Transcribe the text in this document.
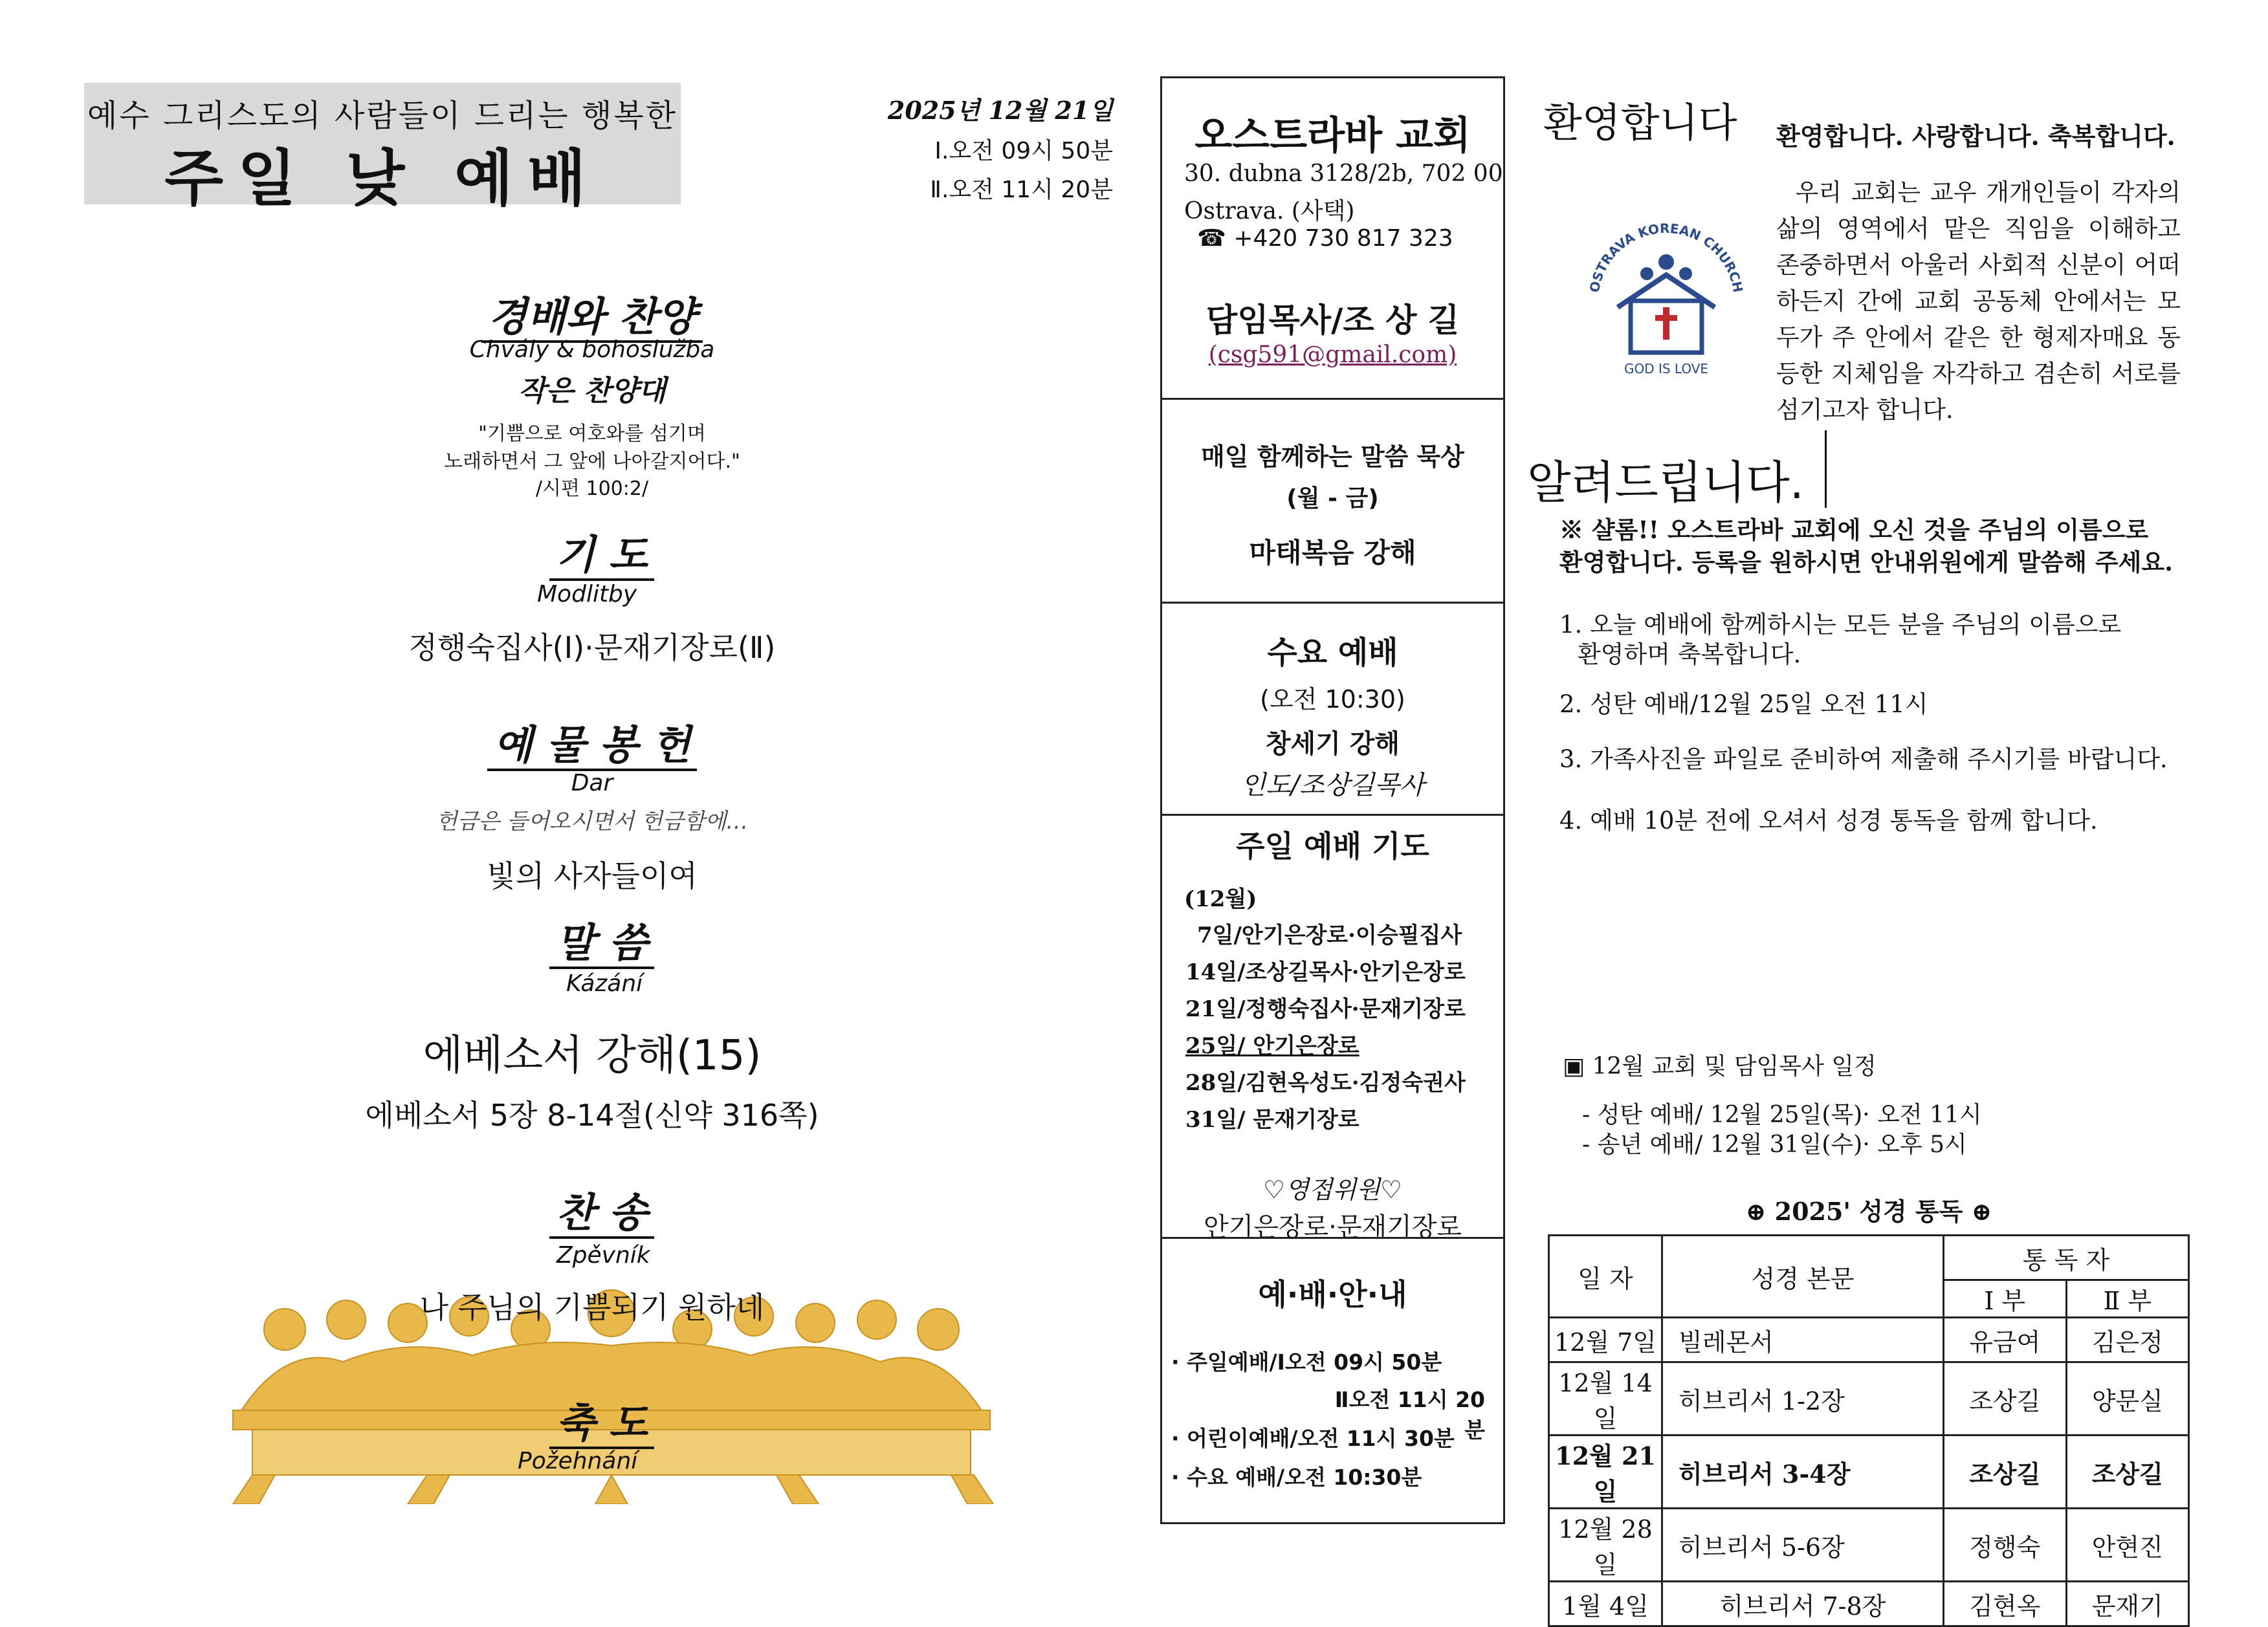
예수 그리스도의 사람들이 드리는 행복한
주일 낮 예배
2025년 12월 21일
Ⅰ.오전 09시 50분
Ⅱ.오전 11시 20분
경배와 찬양
Chvály & bohoslužba
작은 찬양대
"기쁨으로 여호와를 섬기며
노래하면서 그 앞에 나아갈지어다."
/시편 100:2/
기 도
Modlitby
정행숙집사(Ⅰ)·문재기장로(Ⅱ)
예 물 봉 헌
Dar
헌금은 들어오시면서 헌금함에…
빛의 사자들이여
말 씀
Kázání
에베소서 강해(15)
에베소서 5장 8-14절(신약 316쪽)
찬 송
Zpěvník
나 주님의 기쁨되기 원하네
축 도
Požehnání
오스트라바 교회
30. dubna 3128/2b, 702 00
Ostrava. (사택)
☎ +420 730 817 323
담임목사/조 상 길
(csg591@gmail.com)
매일 함께하는 말씀 묵상
(월 - 금)
마태복음 강해
수요 예배
(오전 10:30)
창세기 강해
인도/조상길목사
주일 예배 기도
(12월)
7일/안기은장로·이승필집사
14일/조상길목사·안기은장로
21일/정행숙집사·문재기장로
25일/ 안기은장로
28일/김현옥성도·김정숙권사
31일/ 문재기장로
♡영접위원♡
안기은장로·문재기장로
예·배·안·내
· 주일예배/Ⅰ오전 09시 50분
Ⅱ오전 11시 20분
· 어린이예배/오전 11시 30분
· 수요 예배/오전 10:30분
환영합니다 환영합니다. 사랑합니다. 축복합니다.
우리 교회는 교우 개개인들이 각자의 삶의 영역에서 맡은 직임을 이해하고 존중하면서 아울러 사회적 신분이 어떠하든지 간에 교회 공동체 안에서는 모두가 주 안에서 같은 한 형제자매요 동등한 지체임을 자각하고 겸손히 서로를 섬기고자 합니다.
OSTRAVA KOREAN CHURCH
GOD IS LOVE
알려드립니다.
※ 샬롬!! 오스트라바 교회에 오신 것을 주님의 이름으로
환영합니다. 등록을 원하시면 안내위원에게 말씀해 주세요.
1. 오늘 예배에 함께하시는 모든 분을 주님의 이름으로
환영하며 축복합니다.
2. 성탄 예배/12월 25일 오전 11시
3. 가족사진을 파일로 준비하여 제출해 주시기를 바랍니다.
4. 예배 10분 전에 오셔서 성경 통독을 함께 합니다.
▣ 12월 교회 및 담임목사 일정
- 성탄 예배/ 12월 25일(목)· 오전 11시
- 송년 예배/ 12월 31일(수)· 오후 5시
⊕ 2025' 성경 통독 ⊕
일 자	성경 본문	통 독 자	
		Ⅰ 부	Ⅱ 부
12월 7일	빌레몬서	유금여	김은정
12월 14일	히브리서 1-2장	조상길	양문실
12월 21일	히브리서 3-4장	조상길	조상길
12월 28일	히브리서 5-6장	정행숙	안현진
1월 4일	히브리서 7-8장	김현옥	문재기
